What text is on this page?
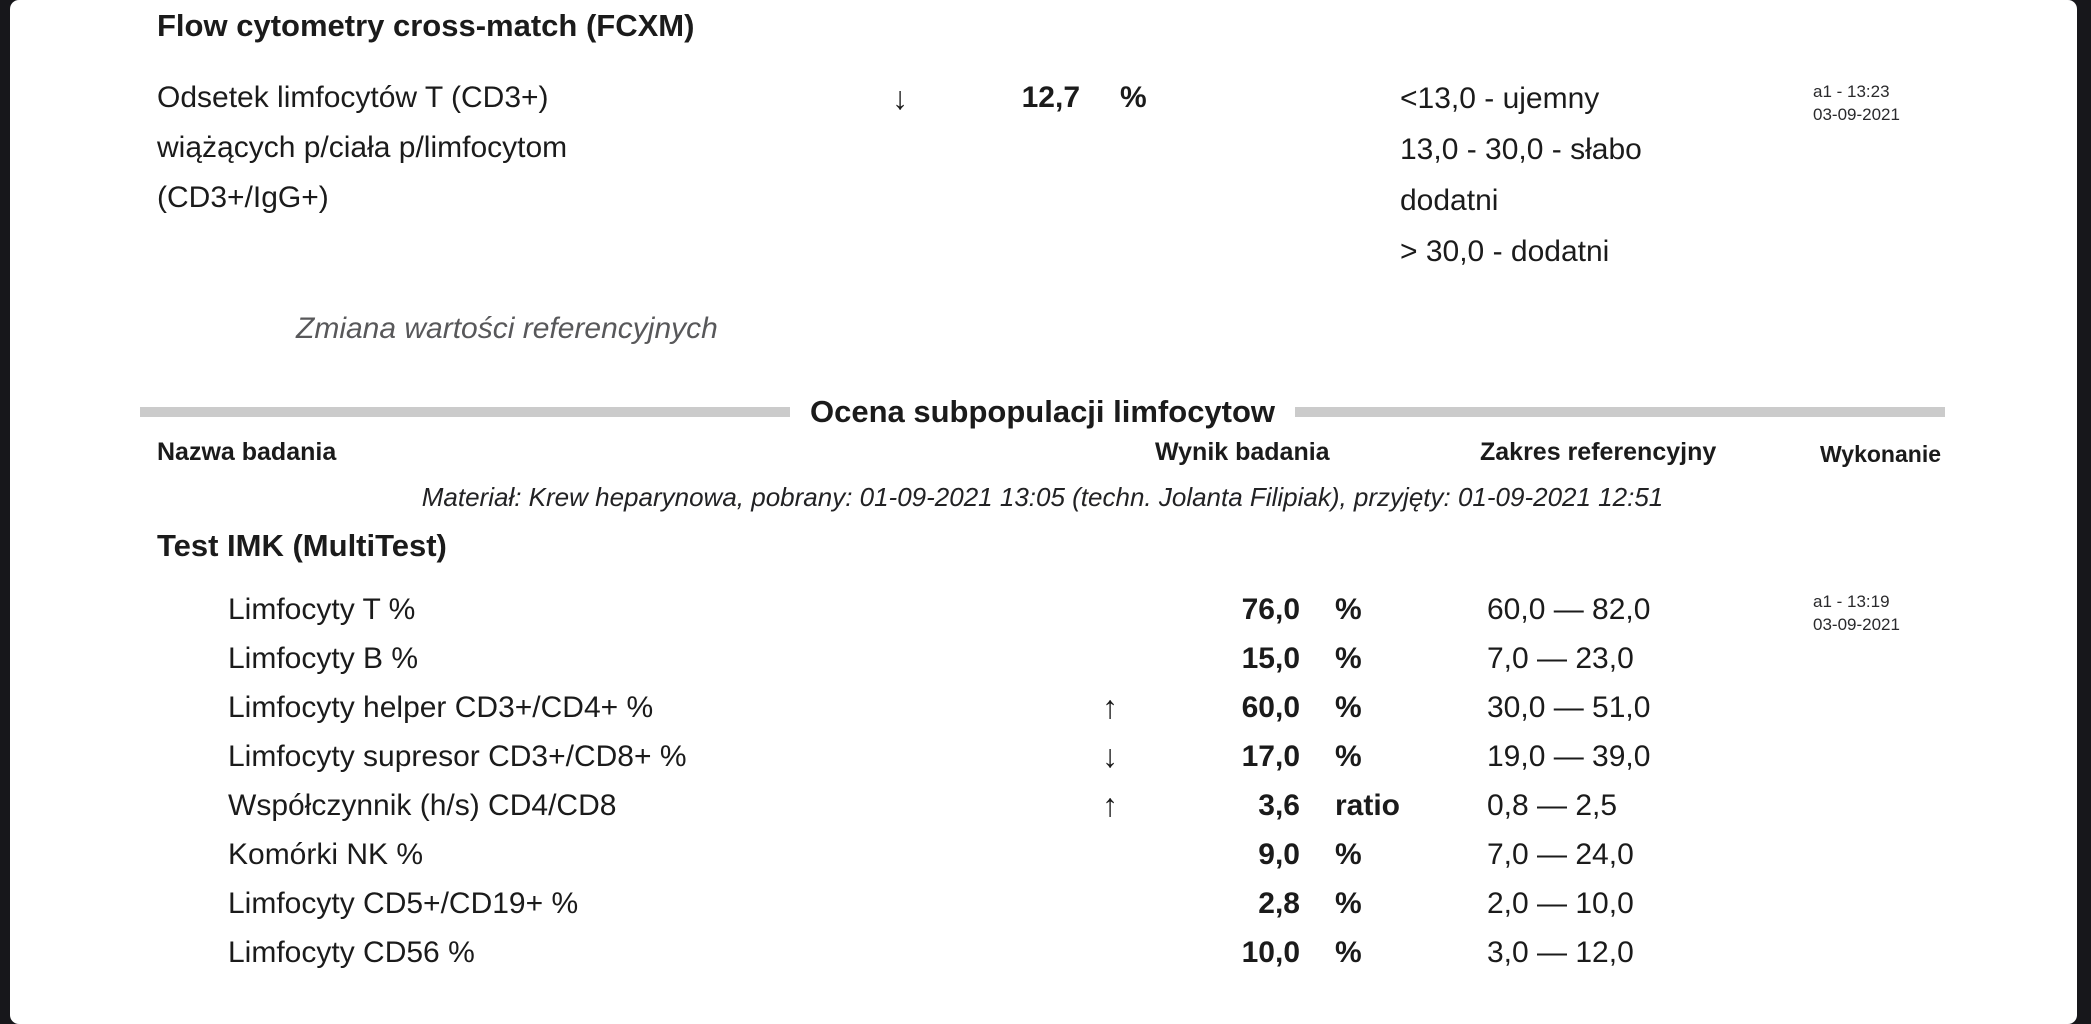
Flow cytometry cross-match (FCXM)
Odsetek limfocytów T (CD3+)
wiążących p/ciała p/limfocytom
(CD3+/IgG+)
↓	12,7 %	<13,0 - ujemny
13,0 - 30,0 - słabo
dodatni
> 30,0 - dodatni
a1 - 13:23
03-09-2021
Zmiana wartości referencyjnych
Ocena subpopulacji limfocytow
Nazwa badania	Wynik badania	Zakres referencyjny	Wykonanie
Materiał: Krew heparynowa, pobrany: 01-09-2021 13:05 (techn. Jolanta Filipiak), przyjęty: 01-09-2021 12:51
Test IMK (MultiTest)
a1 - 13:19
03-09-2021
Limfocyty T %	76,0 %	60,0 — 82,0
Limfocyty B %	15,0 %	7,0 — 23,0
Limfocyty helper CD3+/CD4+ %	↑	60,0 %	30,0 — 51,0
Limfocyty supresor CD3+/CD8+ %	↓	17,0 %	19,0 — 39,0
Współczynnik (h/s) CD4/CD8	↑	3,6 ratio	0,8 — 2,5
Komórki NK %	9,0 %	7,0 — 24,0
Limfocyty CD5+/CD19+ %	2,8 %	2,0 — 10,0
Limfocyty CD56 %	10,0 %	3,0 — 12,0
